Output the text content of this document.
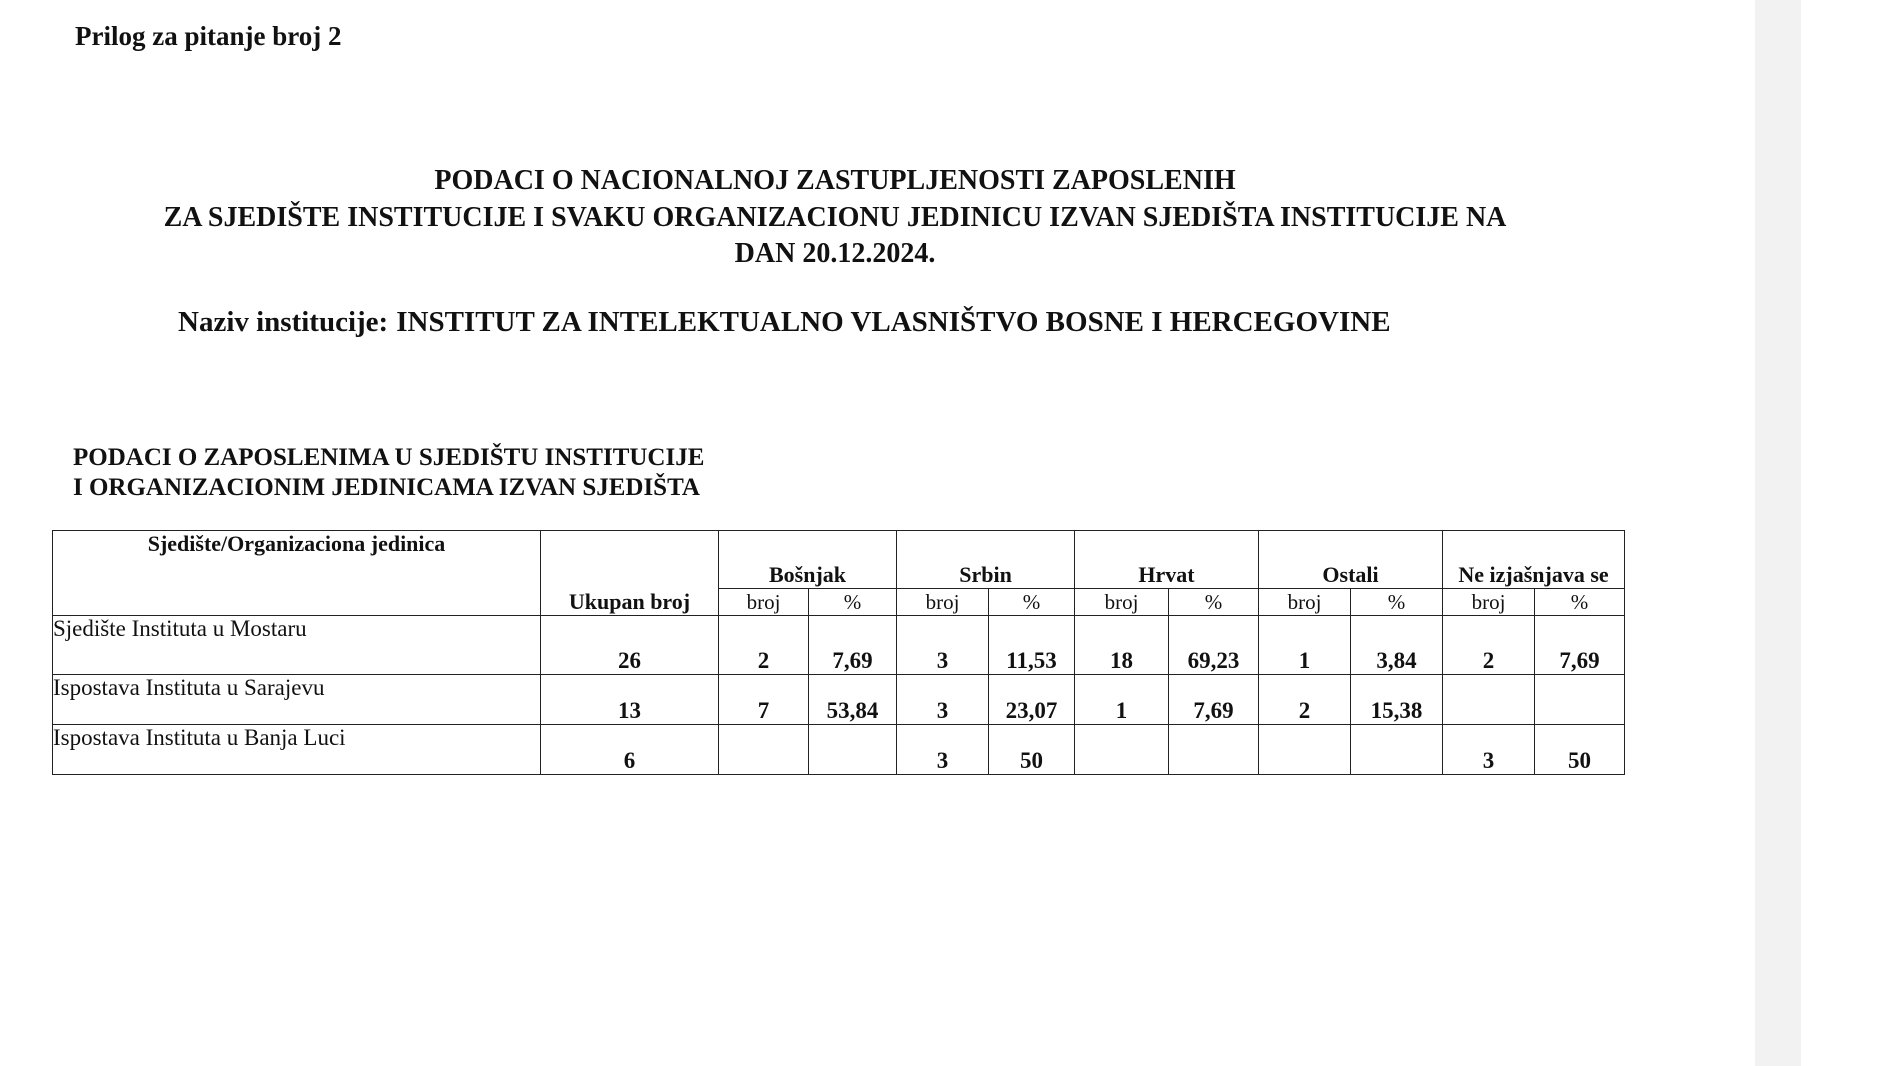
Prilog za pitanje broj 2
PODACI O NACIONALNOJ ZASTUPLJENOSTI ZAPOSLENIH
ZA SJEDIŠTE INSTITUCIJE I SVAKU ORGANIZACIONU JEDINICU IZVAN SJEDIŠTA INSTITUCIJE NA
DAN 20.12.2024.
Naziv institucije: INSTITUT ZA INTELEKTUALNO VLASNIŠTVO BOSNE I HERCEGOVINE
PODACI O ZAPOSLENIMA U SJEDIŠTU INSTITUCIJE
I ORGANIZACIONIM JEDINICAMA IZVAN SJEDIŠTA
Sjedište/Organizaciona jedinica	Ukupan broj	Bošnjak		Srbin		Hrvat		Ostali		Ne izjašnjava se	
		broj	%	broj	%	broj	%	broj	%	broj	%
Sjedište Instituta u Mostaru	26	2	7,69	3	11,53	18	69,23	1	3,84	2	7,69
Ispostava Instituta u Sarajevu	13	7	53,84	3	23,07	1	7,69	2	15,38		
Ispostava Instituta u Banja Luci	6			3	50					3	50
